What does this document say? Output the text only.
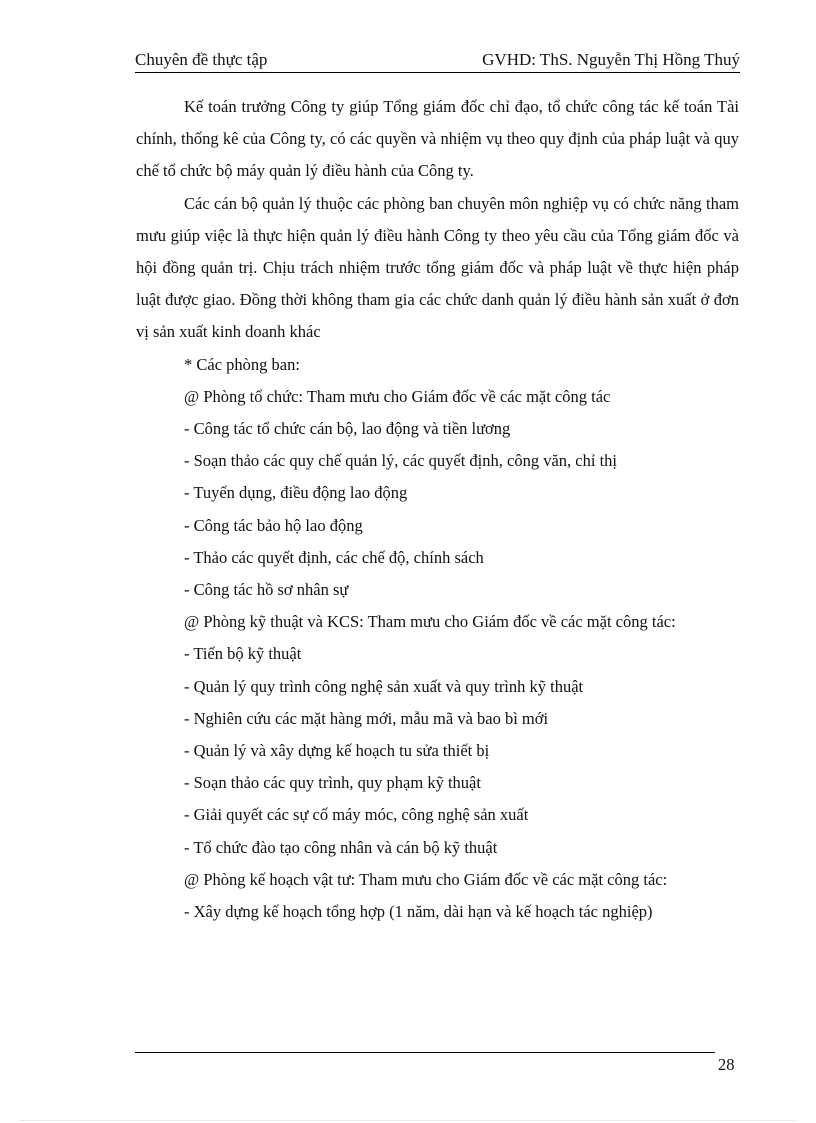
Chuyên đề thực tập	GVHD: ThS. Nguyễn Thị Hồng Thuý

Kế toán trưởng Công ty giúp Tổng giám đốc chỉ đạo, tổ chức công tác kế toán Tài chính, thống kê của Công ty, có các quyền và nhiệm vụ theo quy định của pháp luật và quy chế tổ chức bộ máy quản lý điều hành của Công ty.

Các cán bộ quản lý thuộc các phòng ban chuyên môn nghiệp vụ có chức năng tham mưu giúp việc là thực hiện quản lý điều hành Công ty theo yêu cầu của Tổng giám đốc và hội đồng quản trị. Chịu trách nhiệm trước tổng giám đốc và pháp luật về thực hiện pháp luật được giao. Đồng thời không tham gia các chức danh quản lý điều hành sản xuất ở đơn vị sản xuất kinh doanh khác

* Các phòng ban:

@ Phòng tổ chức: Tham mưu cho Giám đốc về các mặt công tác

- Công tác tổ chức cán bộ, lao động và tiền lương

- Soạn thảo các quy chế quản lý, các quyết định, công văn, chỉ thị

- Tuyển dụng, điều động lao động

- Công tác bảo hộ lao động

- Thảo các quyết định, các chế độ, chính sách

- Công tác hồ sơ nhân sự

@ Phòng kỹ thuật và KCS: Tham mưu cho Giám đốc về các mặt công tác:

- Tiến bộ kỹ thuật

- Quản lý quy trình công nghệ sản xuất và quy trình kỹ thuật

- Nghiên cứu các mặt hàng mới, mẫu mã và bao bì mới

- Quản lý và xây dựng kế hoạch tu sửa thiết bị

- Soạn thảo các quy trình, quy phạm kỹ thuật

- Giải quyết các sự cố máy móc, công nghệ sản xuất

- Tổ chức đào tạo công nhân và cán bộ kỹ thuật

@ Phòng kế hoạch vật tư: Tham mưu cho Giám đốc về các mặt công tác:

- Xây dựng kế hoạch tổng hợp (1 năm, dài hạn và kế hoạch tác nghiệp)

28
